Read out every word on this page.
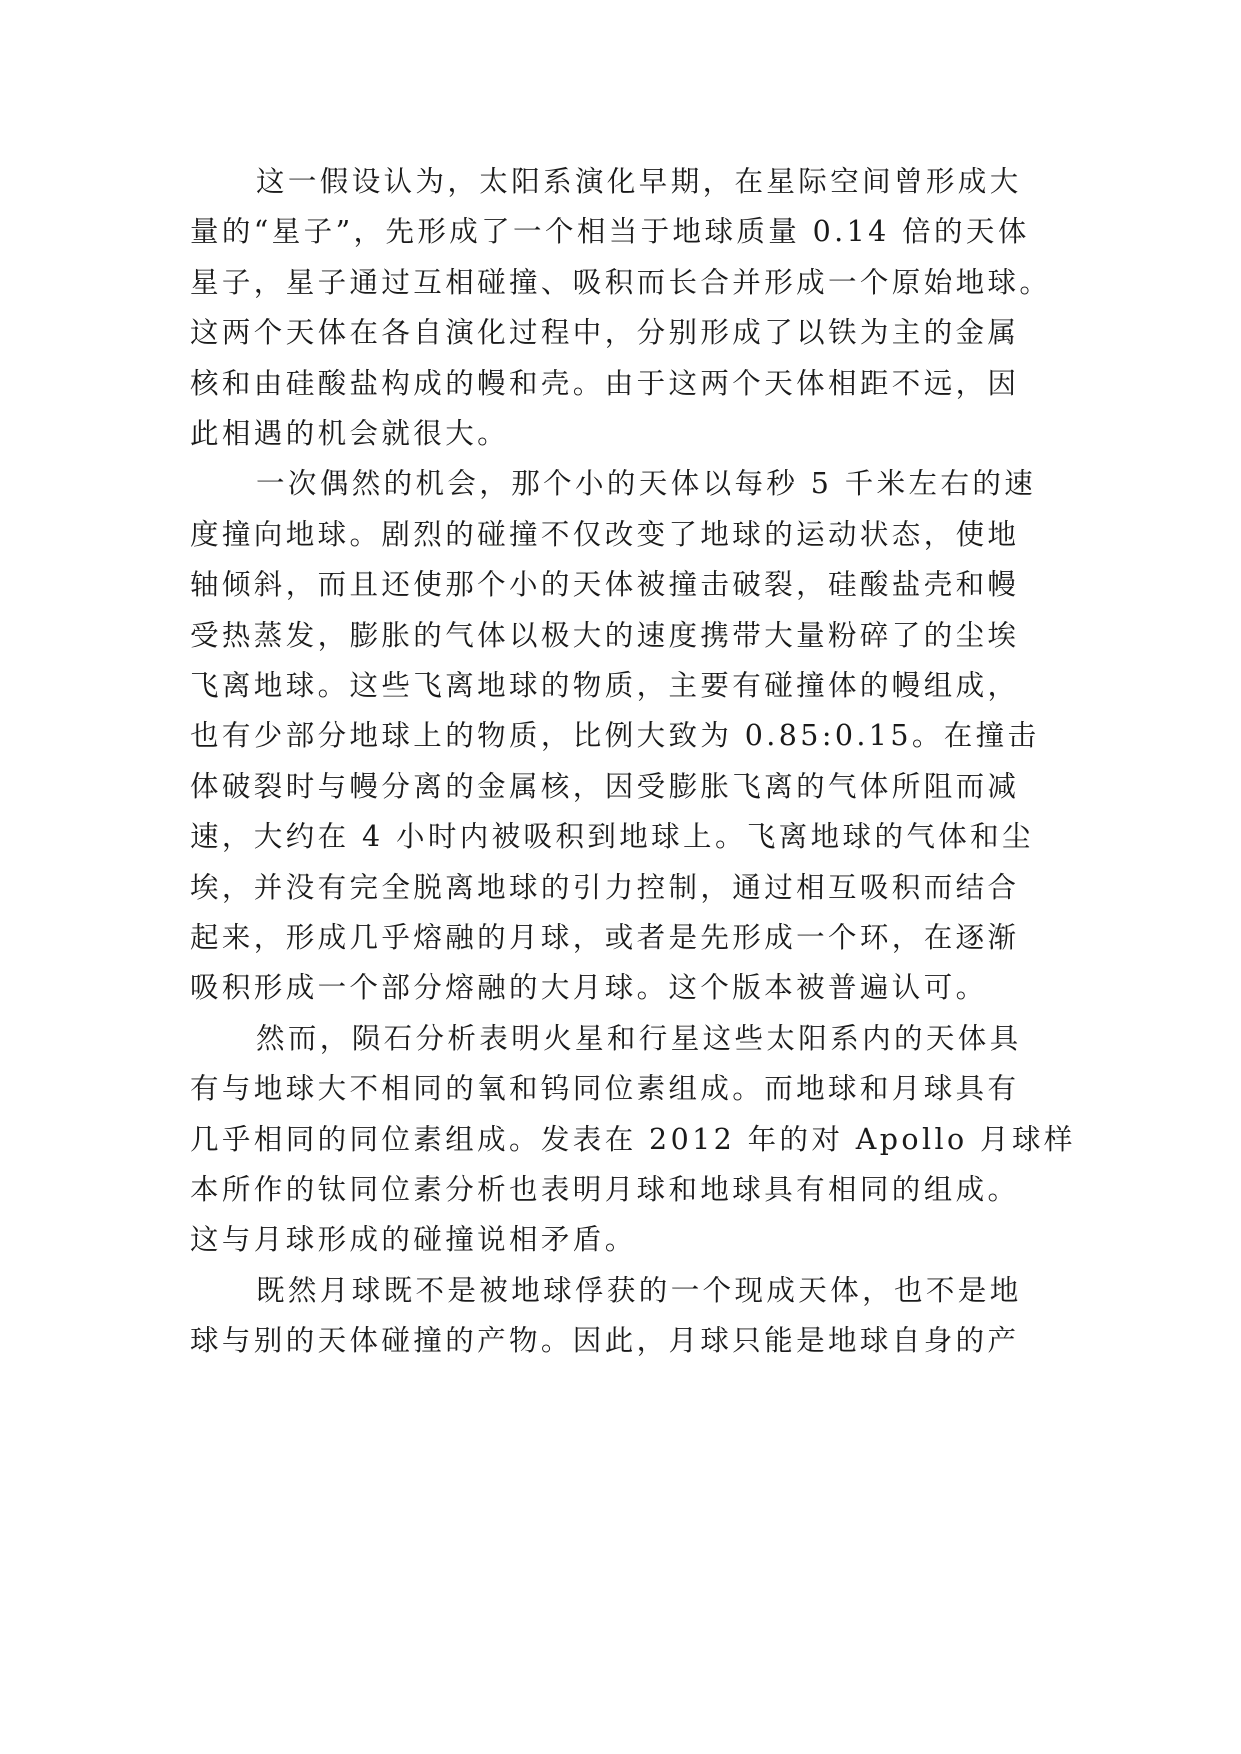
这一假设认为，太阳系演化早期，在星际空间曾形成大
量的“星子”，先形成了一个相当于地球质量 0.14 倍的天体
星子，星子通过互相碰撞、吸积而长合并形成一个原始地球。
这两个天体在各自演化过程中，分别形成了以铁为主的金属
核和由硅酸盐构成的幔和壳。由于这两个天体相距不远，因
此相遇的机会就很大。
一次偶然的机会，那个小的天体以每秒 5 千米左右的速
度撞向地球。剧烈的碰撞不仅改变了地球的运动状态，使地
轴倾斜，而且还使那个小的天体被撞击破裂，硅酸盐壳和幔
受热蒸发，膨胀的气体以极大的速度携带大量粉碎了的尘埃
飞离地球。这些飞离地球的物质，主要有碰撞体的幔组成，
也有少部分地球上的物质，比例大致为 0.85:0.15。在撞击
体破裂时与幔分离的金属核，因受膨胀飞离的气体所阻而减
速，大约在 4 小时内被吸积到地球上。飞离地球的气体和尘
埃，并没有完全脱离地球的引力控制，通过相互吸积而结合
起来，形成几乎熔融的月球，或者是先形成一个环，在逐渐
吸积形成一个部分熔融的大月球。这个版本被普遍认可。
然而，陨石分析表明火星和行星这些太阳系内的天体具
有与地球大不相同的氧和钨同位素组成。而地球和月球具有
几乎相同的同位素组成。发表在 2012 年的对 Apollo 月球样
本所作的钛同位素分析也表明月球和地球具有相同的组成。
这与月球形成的碰撞说相矛盾。
既然月球既不是被地球俘获的一个现成天体，也不是地
球与别的天体碰撞的产物。因此，月球只能是地球自身的产
